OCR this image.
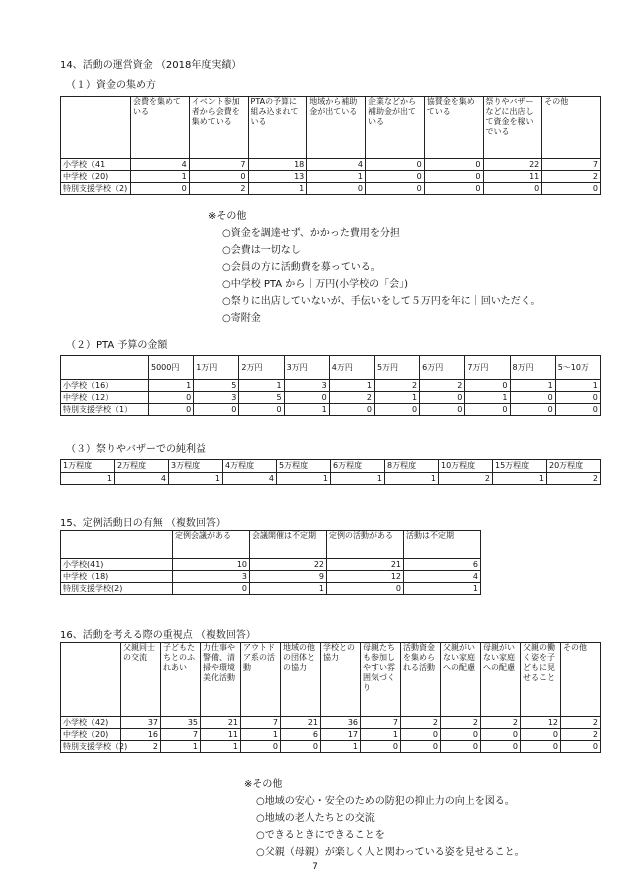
14、活動の運営資金 （2018年度実績）
（１）資金の集め方
	会費を集めている	イベント参加者から会費を集めている	PTAの予算に組み込まれている	地域から補助金が出ている	企業などから補助金が出ている	協賛金を集めている	祭りやバザーなどに出店して資金を稼いでいる	その他
小学校（41	4	7	18	4	0	0	22	7
中学校（20)	1	0	13	1	0	0	11	2
特別支援学校（2)	0	2	1	0	0	0	0	0
※その他
○資金を調達せず、かかった費用を分担
○会費は一切なし
○会員の方に活動費を募っている。
○中学校 PTA から｜万円(小学校の「会」)
○祭りに出店していないが、手伝いをして５万円を年に｜回いただく。
○寄附金
（２）PTA 予算の金額
	5000円	1万円	2万円	3万円	4万円	5万円	6万円	7万円	8万円	5～10万
小学校（16）	1	5	1	3	1	2	2	0	1	1
中学校（12）	0	3	5	0	2	1	0	1	0	0
特別支援学校（1）	0	0	0	1	0	0	0	0	0	0
（３）祭りやバザーでの純利益
1万程度	2万程度	3万程度	4万程度	5万程度	6万程度	8万程度	10万程度	15万程度	20万程度
1	4	1	4	1	1	1	2	1	2
15、定例活動日の有無 （複数回答）
	定例会議がある	会議開催は不定期	定例の活動がある	活動は不定期
小学校(41)	10	22	21	6
中学校（18)	3	9	12	4
特別支援学校(2)	0	1	0	1
16、活動を考える際の重視点 （複数回答）
	父親同士の交流	子どもたちとのふれあい	力仕事や警備、清掃や環境美化活動	アウトドア系の活動	地域の他の団体との協力	学校との協力	母親たちも参加しやすい雰囲気づくり	活動資金を集められる活動	父親がいない家庭への配慮	母親がいない家庭への配慮	父親の働く姿を子どもに見せること	その他
小学校（42)	37	35	21	7	21	36	7	2	2	2	12	2
中学校（20)	16	7	11	1	6	17	1	0	0	0	0	2
特別支援学校（2)	2	1	1	0	0	1	0	0	0	0	0	0
※その他
○地域の安心・安全のための防犯の抑止力の向上を図る。
○地域の老人たちとの交流
○できるときにできることを
○父親（母親）が楽しく人と関わっている姿を見せること。
7
